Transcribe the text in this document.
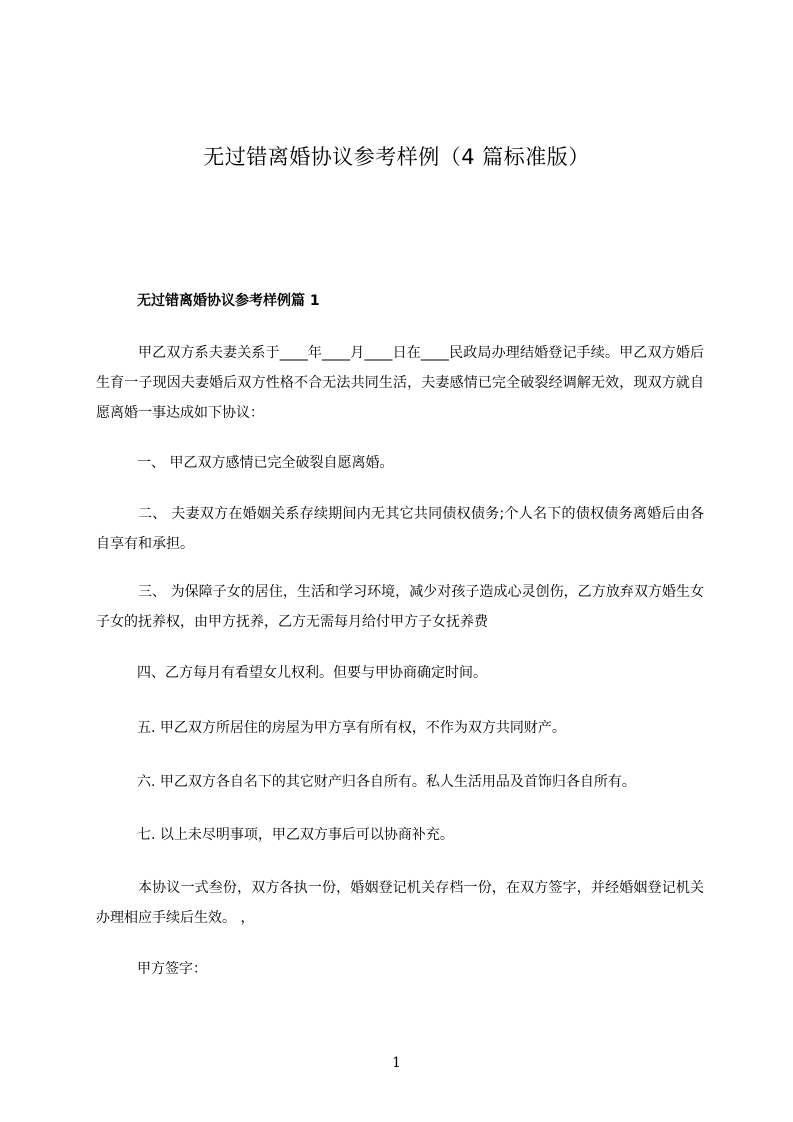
无过错离婚协议参考样例（4 篇标准版）
无过错离婚协议参考样例篇 1

甲乙双方系夫妻关系于____年____月____日在____民政局办理结婚登记手续。甲乙双方婚后生育一子现因夫妻婚后双方性格不合无法共同生活，夫妻感情已完全破裂经调解无效，现双方就自愿离婚一事达成如下协议：

一、 甲乙双方感情已完全破裂自愿离婚。

二、 夫妻双方在婚姻关系存续期间内无其它共同债权债务;个人名下的债权债务离婚后由各自享有和承担。

三、 为保障子女的居住，生活和学习环境，减少对孩子造成心灵创伤，乙方放弃双方婚生女子女的抚养权，由甲方抚养，乙方无需每月给付甲方子女抚养费

四、乙方每月有看望女儿权利。但要与甲协商确定时间。

五. 甲乙双方所居住的房屋为甲方享有所有权，不作为双方共同财产。

六. 甲乙双方各自名下的其它财产归各自所有。私人生活用品及首饰归各自所有。

七. 以上未尽明事项，甲乙双方事后可以协商补充。

本协议一式叁份，双方各执一份，婚姻登记机关存档一份，在双方签字，并经婚姻登记机关办理相应手续后生效。 ，

甲方签字：

1
